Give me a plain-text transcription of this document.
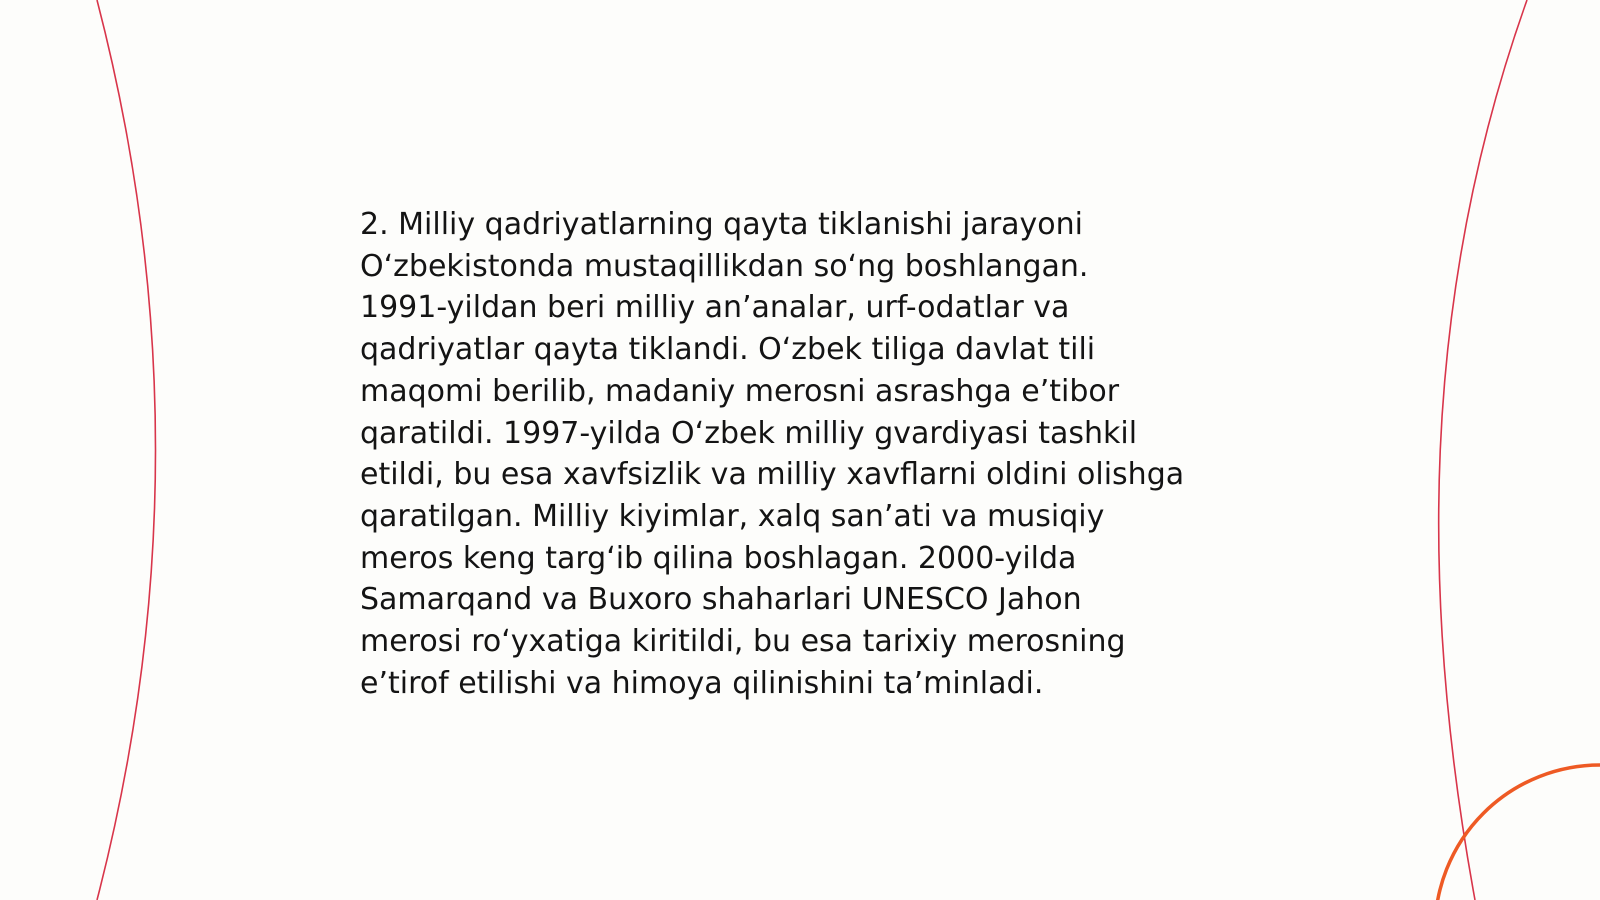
2. Milliy qadriyatlarning qayta tiklanishi jarayoni
O‘zbekistonda mustaqillikdan so‘ng boshlangan.
1991-yildan beri milliy an’analar, urf-odatlar va
qadriyatlar qayta tiklandi. O‘zbek tiliga davlat tili
maqomi berilib, madaniy merosni asrashga e’tibor
qaratildi. 1997-yilda O‘zbek milliy gvardiyasi tashkil
etildi, bu esa xavfsizlik va milliy xavflarni oldini olishga
qaratilgan. Milliy kiyimlar, xalq san’ati va musiqiy
meros keng targ‘ib qilina boshlagan. 2000-yilda
Samarqand va Buxoro shaharlari UNESCO Jahon
merosi ro‘yxatiga kiritildi, bu esa tarixiy merosning
e’tirof etilishi va himoya qilinishini ta’minladi.
